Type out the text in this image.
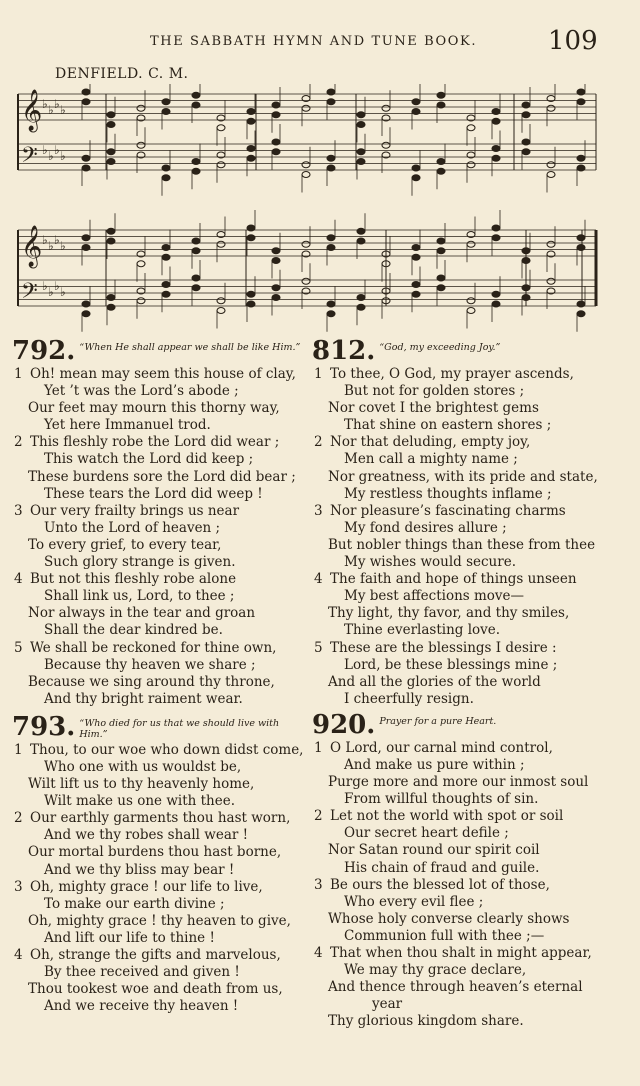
THE SABBATH HYMN AND TUNE BOOK.	109
DENFIELD. C. M.
𝄞 ♭ ♭ ♭ ♭
𝄢 ♭ ♭ ♭ ♭
𝄞 ♭ ♭ ♭ ♭
𝄢 ♭ ♭ ♭ ♭
792. “When He shall appear we shall be like Him.”
1 Oh! mean may seem this house of clay,
Yet ’t was the Lord’s abode ;
Our feet may mourn this thorny way,
Yet here Immanuel trod.
2 This fleshly robe the Lord did wear ;
This watch the Lord did keep ;
These burdens sore the Lord did bear ;
These tears the Lord did weep !
3 Our very frailty brings us near
Unto the Lord of heaven ;
To every grief, to every tear,
Such glory strange is given.
4 But not this fleshly robe alone
Shall link us, Lord, to thee ;
Nor always in the tear and groan
Shall the dear kindred be.
5 We shall be reckoned for thine own,
Because thy heaven we share ;
Because we sing around thy throne,
And thy bright raiment wear.
793. “Who died for us that we should live with Him.”
1 Thou, to our woe who down didst come,
Who one with us wouldst be,
Wilt lift us to thy heavenly home,
Wilt make us one with thee.
2 Our earthly garments thou hast worn,
And we thy robes shall wear !
Our mortal burdens thou hast borne,
And we thy bliss may bear !
3 Oh, mighty grace ! our life to live,
To make our earth divine ;
Oh, mighty grace ! thy heaven to give,
And lift our life to thine !
4 Oh, strange the gifts and marvelous,
By thee received and given !
Thou tookest woe and death from us,
And we receive thy heaven !
812. “God, my exceeding Joy.”
1 To thee, O God, my prayer ascends,
But not for golden stores ;
Nor covet I the brightest gems
That shine on eastern shores ;
2 Nor that deluding, empty joy,
Men call a mighty name ;
Nor greatness, with its pride and state,
My restless thoughts inflame ;
3 Nor pleasure’s fascinating charms
My fond desires allure ;
But nobler things than these from thee
My wishes would secure.
4 The faith and hope of things unseen
My best affections move—
Thy light, thy favor, and thy smiles,
Thine everlasting love.
5 These are the blessings I desire :
Lord, be these blessings mine ;
And all the glories of the world
I cheerfully resign.
920. Prayer for a pure Heart.
1 O Lord, our carnal mind control,
And make us pure within ;
Purge more and more our inmost soul
From willful thoughts of sin.
2 Let not the world with spot or soil
Our secret heart defile ;
Nor Satan round our spirit coil
His chain of fraud and guile.
3 Be ours the blessed lot of those,
Who every evil flee ;
Whose holy converse clearly shows
Communion full with thee ;—
4 That when thou shalt in might appear,
We may thy grace declare,
And thence through heaven’s eternal
year
Thy glorious kingdom share.
